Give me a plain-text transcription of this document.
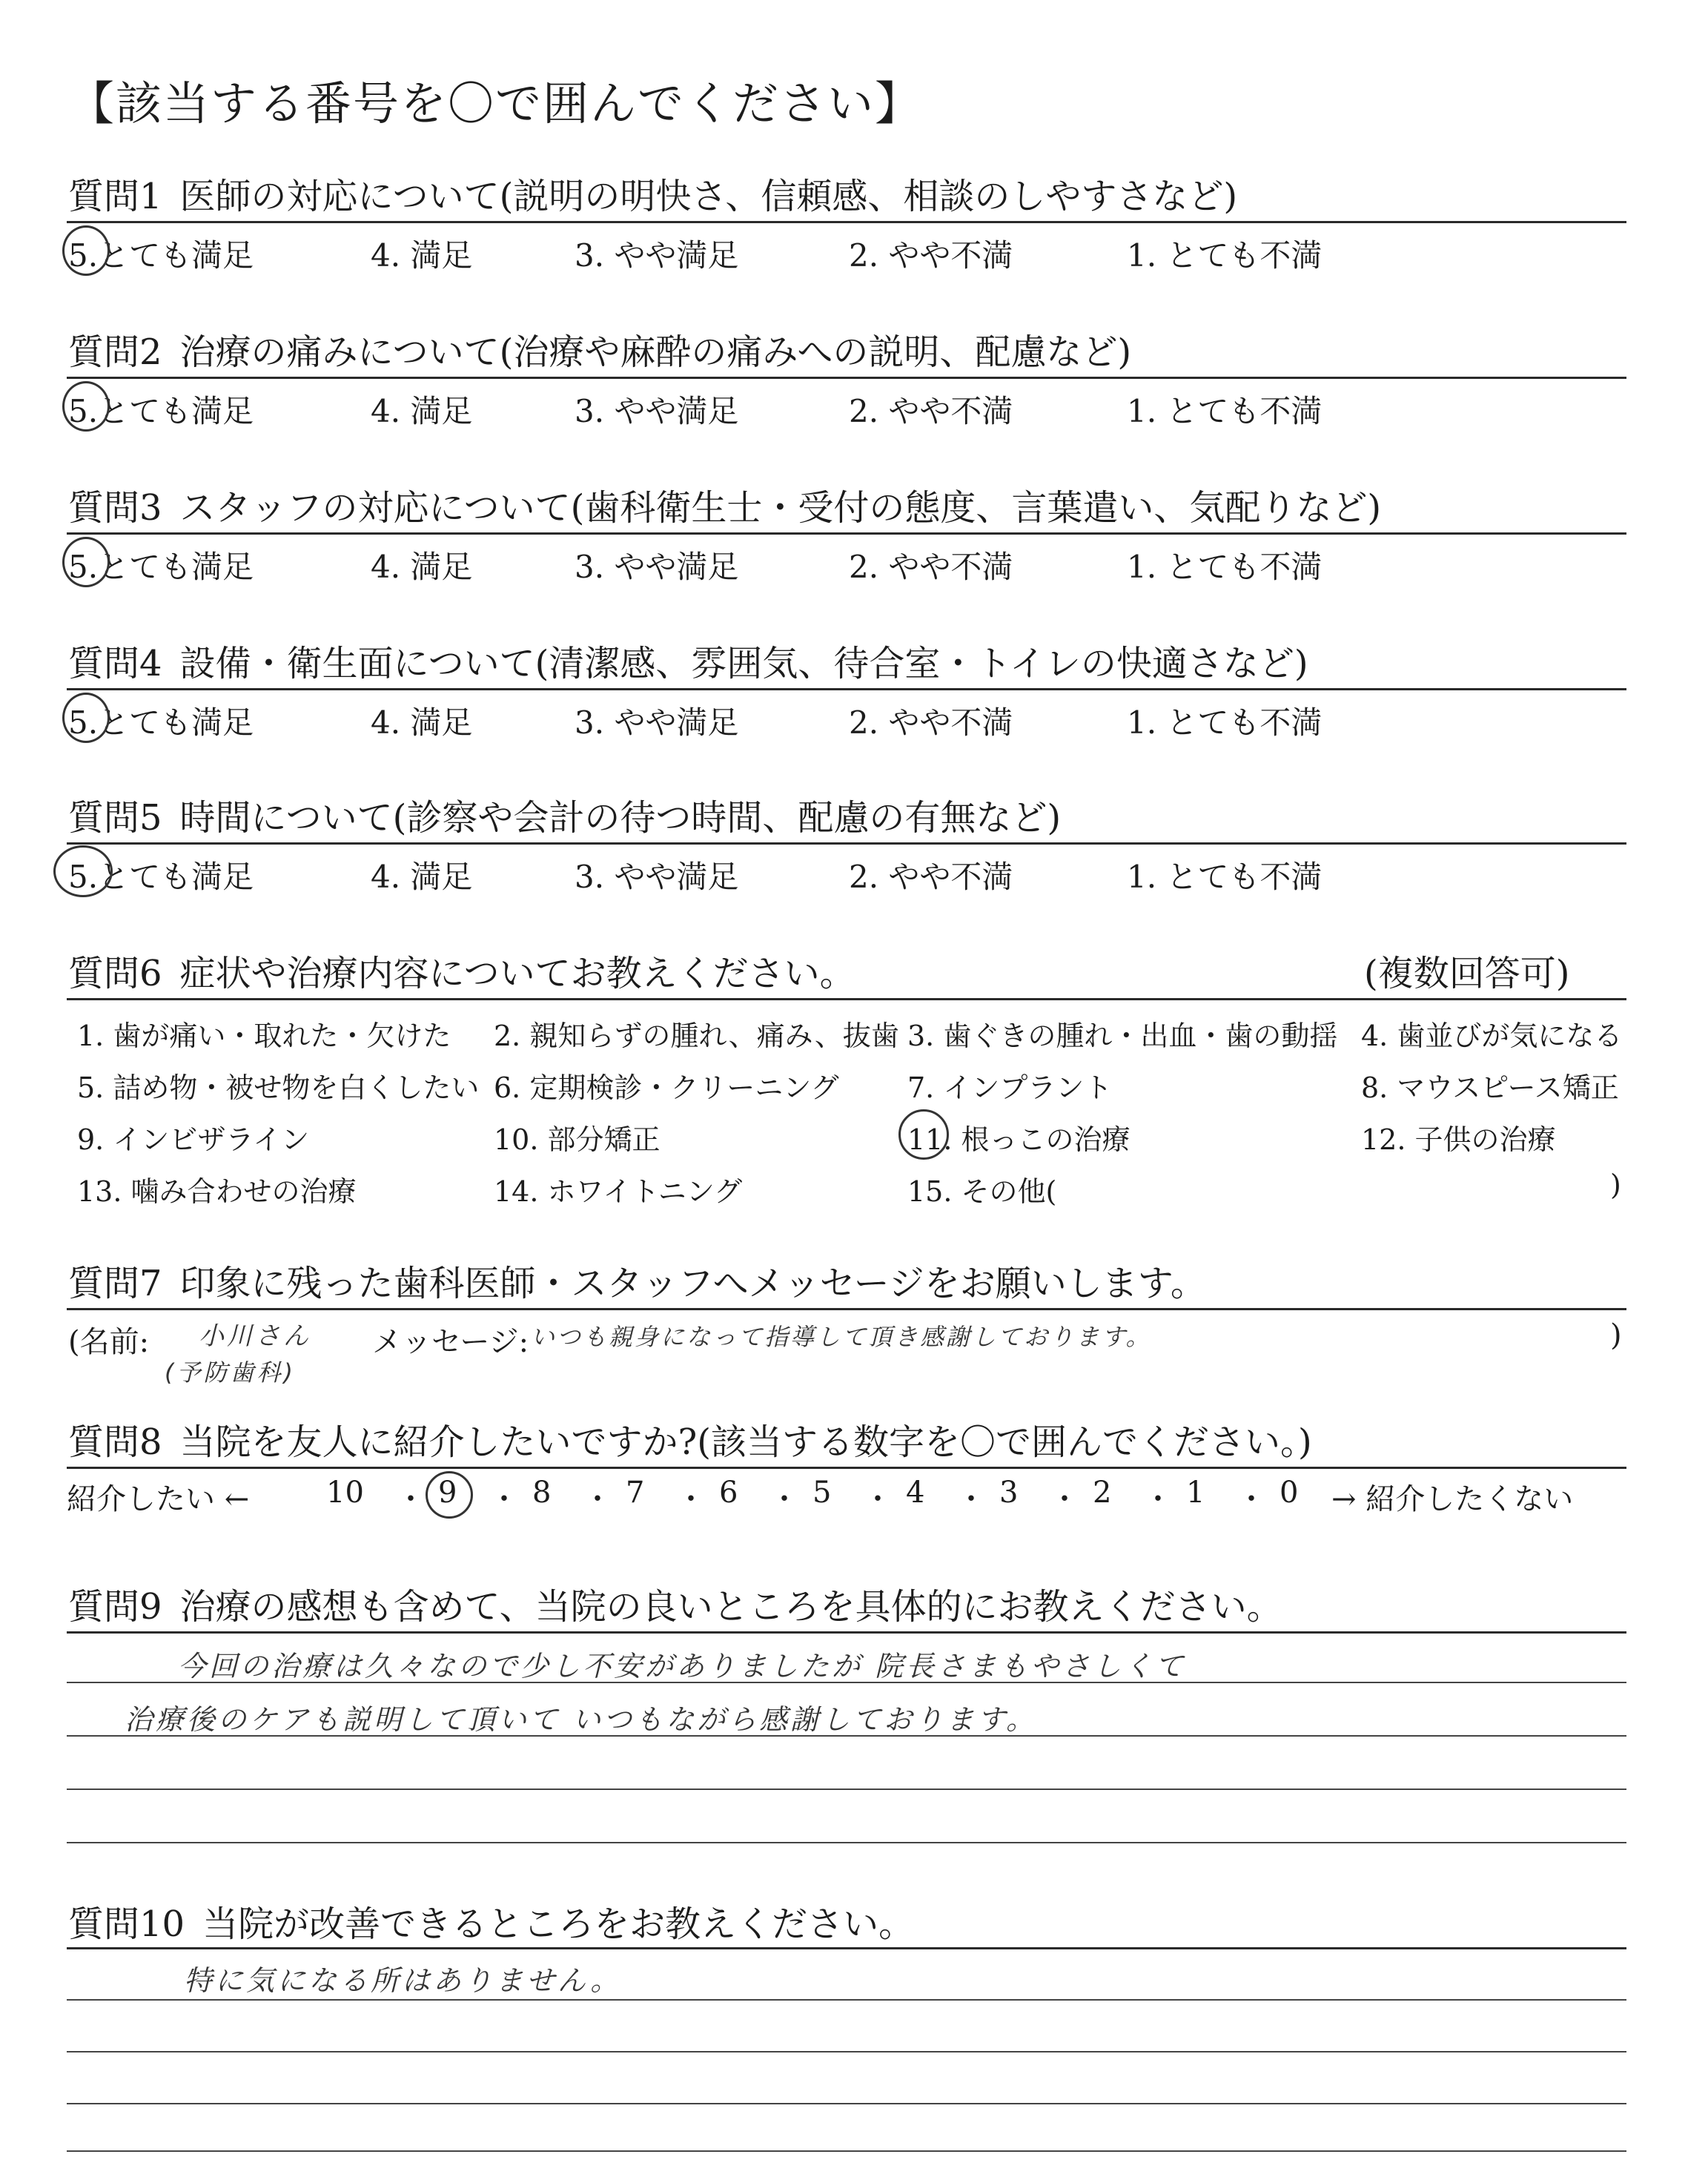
【該当する番号を〇で囲んでください】
質問1 医師の対応について(説明の明快さ、信頼感、相談のしやすさなど)
5.とても満足	4. 満足	3. やや満足	2. やや不満	1. とても不満
質問2 治療の痛みについて(治療や麻酔の痛みへの説明、配慮など)
5.とても満足	4. 満足	3. やや満足	2. やや不満	1. とても不満
質問3 スタッフの対応について(歯科衛生士・受付の態度、言葉遣い、気配りなど)
5.とても満足	4. 満足	3. やや満足	2. やや不満	1. とても不満
質問4 設備・衛生面について(清潔感、雰囲気、待合室・トイレの快適さなど)
5.とても満足	4. 満足	3. やや満足	2. やや不満	1. とても不満
質問5 時間について(診察や会計の待つ時間、配慮の有無など)
5.とても満足	4. 満足	3. やや満足	2. やや不満	1. とても不満
質問6 症状や治療内容についてお教えください。	(複数回答可)
1. 歯が痛い・取れた・欠けた 2. 親知らずの腫れ、痛み、抜歯 3. 歯ぐきの腫れ・出血・歯の動揺 4. 歯並びが気になる
5. 詰め物・被せ物を白くしたい 6. 定期検診・クリーニング 7. インプラント	8. マウスピース矯正
9. インビザライン	10. 部分矯正	11. 根っこの治療	12. 子供の治療
13. 噛み合わせの治療	14. ホワイトニング	15. その他(	)
質問7 印象に残った歯科医師・スタッフへメッセージをお願いします。
(名前: 小川さん
(予防歯科)
メッセージ: いつも親身になって指導して頂き感謝しております。	)
質問8 当院を友人に紹介したいですか?(該当する数字を〇で囲んでください。)
紹介したい ←	10 ・ 9 ・ 8 ・ 7 ・ 6 ・ 5 ・ 4 ・ 3 ・ 2 ・ 1 ・ 0 → 紹介したくない
質問9 治療の感想も含めて、当院の良いところを具体的にお教えください。
今回の治療は久々なので少し不安がありましたが 院長さまもやさしくて
治療後のケアも説明して頂いて いつもながら感謝しております。
質問10 当院が改善できるところをお教えください。
特に気になる所はありません。
